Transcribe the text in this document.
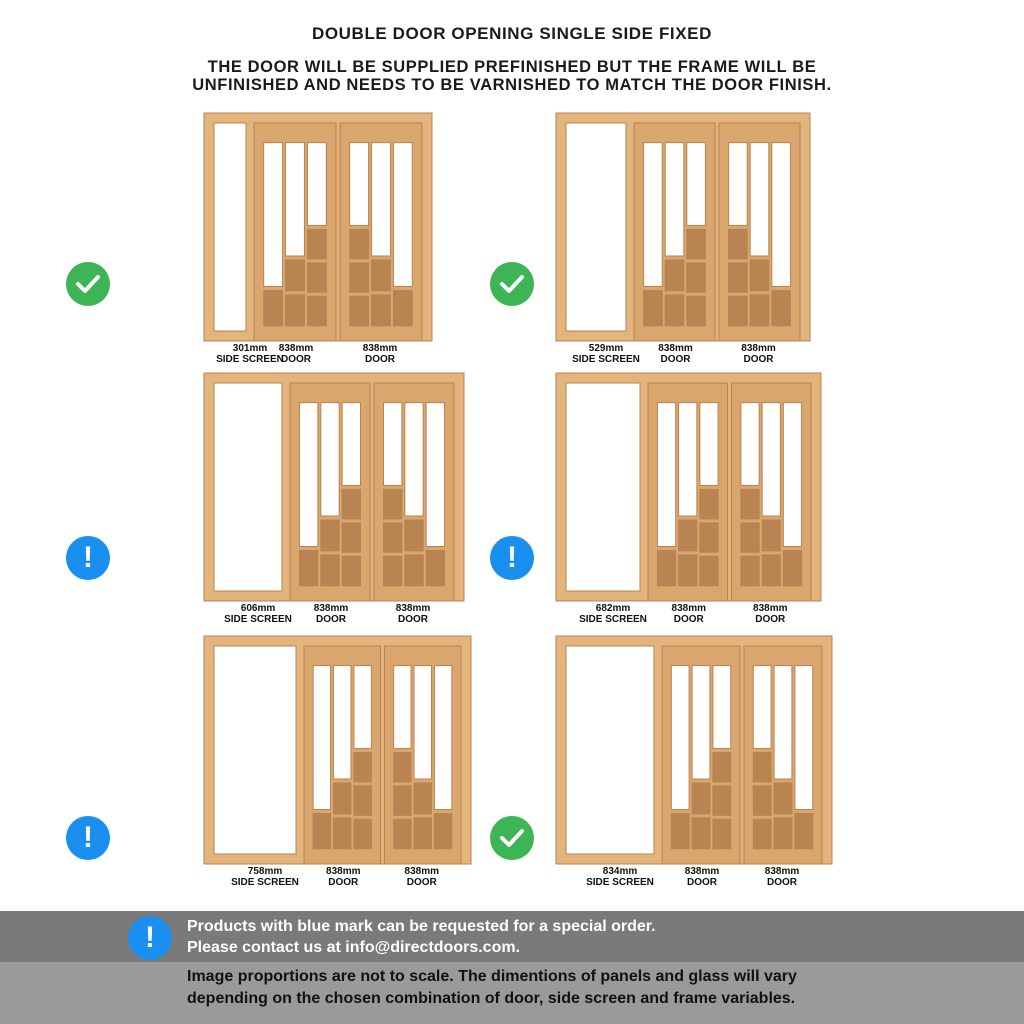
DOUBLE DOOR OPENING SINGLE SIDE FIXED
THE DOOR WILL BE SUPPLIED PREFINISHED BUT THE FRAME WILL BE
UNFINISHED AND NEEDS TO BE VARNISHED TO MATCH THE DOOR FINISH.
301mm
SIDE SCREEN
838mm
DOOR
838mm
DOOR
529mm
SIDE SCREEN
838mm
DOOR
838mm
DOOR
606mm
SIDE SCREEN
838mm
DOOR
838mm
DOOR
!
682mm
SIDE SCREEN
838mm
DOOR
838mm
DOOR
!
758mm
SIDE SCREEN
838mm
DOOR
838mm
DOOR
!
834mm
SIDE SCREEN
838mm
DOOR
838mm
DOOR
Products with blue mark can be requested for a special order.
Please contact us at info@directdoors.com.
!
Image proportions are not to scale. The dimentions of panels and glass will vary
depending on the chosen combination of door, side screen and frame variables.
